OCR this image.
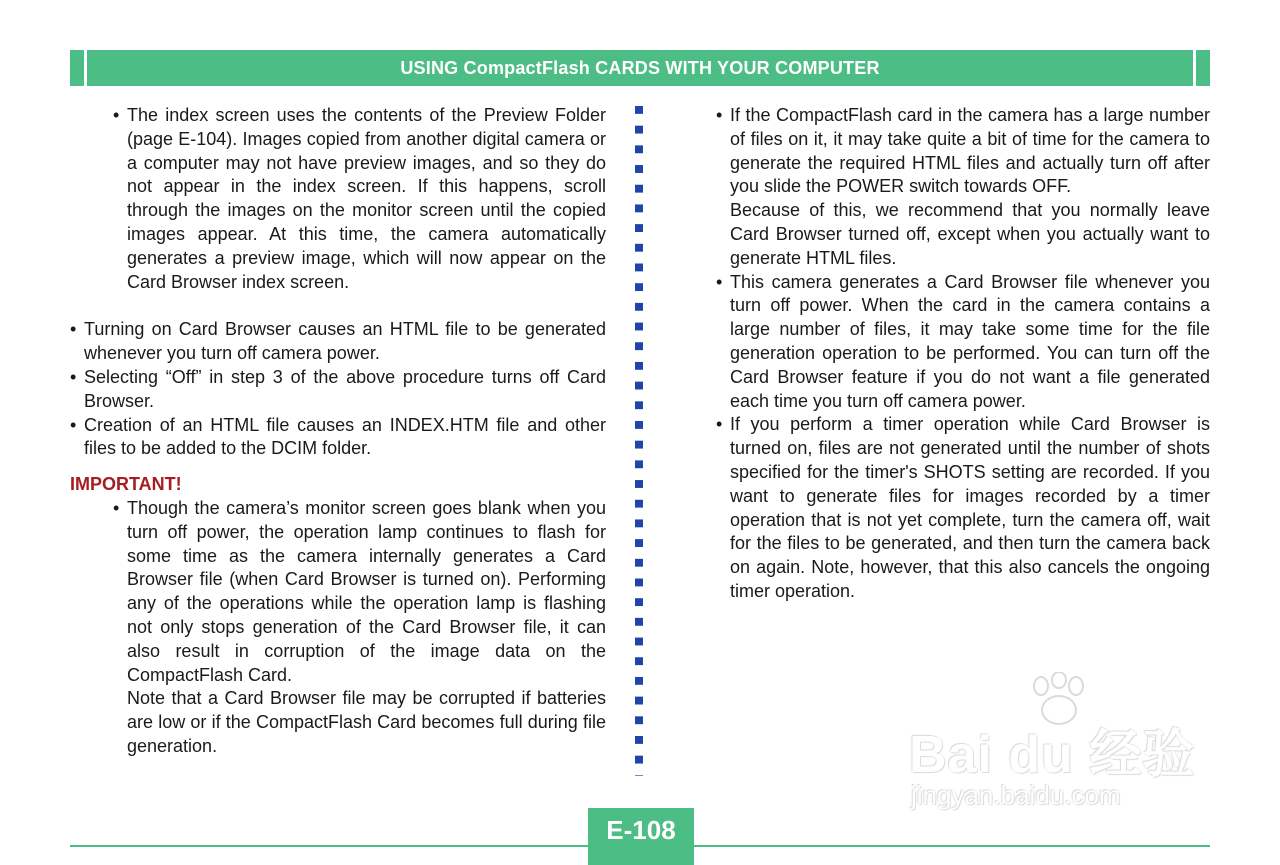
USING CompactFlash CARDS WITH YOUR COMPUTER
• The index screen uses the contents of the Preview Folder (page E-104). Images copied from another digital camera or a computer may not have preview images, and so they do not appear in the index screen. If this happens, scroll through the images on the monitor screen until the copied images appear. At this time, the camera automatically generates a preview image, which will now appear on the Card Browser index screen.
• Turning on Card Browser causes an HTML file to be generated whenever you turn off camera power.
• Selecting “Off” in step 3 of the above procedure turns off Card Browser.
• Creation of an HTML file causes an INDEX.HTM file and other files to be added to the DCIM folder.
IMPORTANT!
• Though the camera’s monitor screen goes blank when you turn off power, the operation lamp continues to flash for some time as the camera internally generates a Card Browser file (when Card Browser is turned on). Performing any of the operations while the operation lamp is flashing not only stops generation of the Card Browser file, it can also result in corruption of the image data on the CompactFlash Card.
Note that a Card Browser file may be corrupted if batteries are low or if the CompactFlash Card becomes full during file generation.
• If the CompactFlash card in the camera has a large number of files on it, it may take quite a bit of time for the camera to generate the required HTML files and actually turn off after you slide the POWER switch towards OFF.
Because of this, we recommend that you normally leave Card Browser turned off, except when you actually want to generate HTML files.
• This camera generates a Card Browser file whenever you turn off power. When the card in the camera contains a large number of files, it may take some time for the file generation operation to be performed. You can turn off the Card Browser feature if you do not want a file generated each time you turn off camera power.
• If you perform a timer operation while Card Browser is turned on, files are not generated until the number of shots specified for the timer's SHOTS setting are recorded. If you want to generate files for images recorded by a timer operation that is not yet complete, turn the camera off, wait for the files to be generated, and then turn the camera back on again. Note, however, that this also cancels the ongoing timer operation.
Bai du 经验
jingyan.baidu.com
E-108
